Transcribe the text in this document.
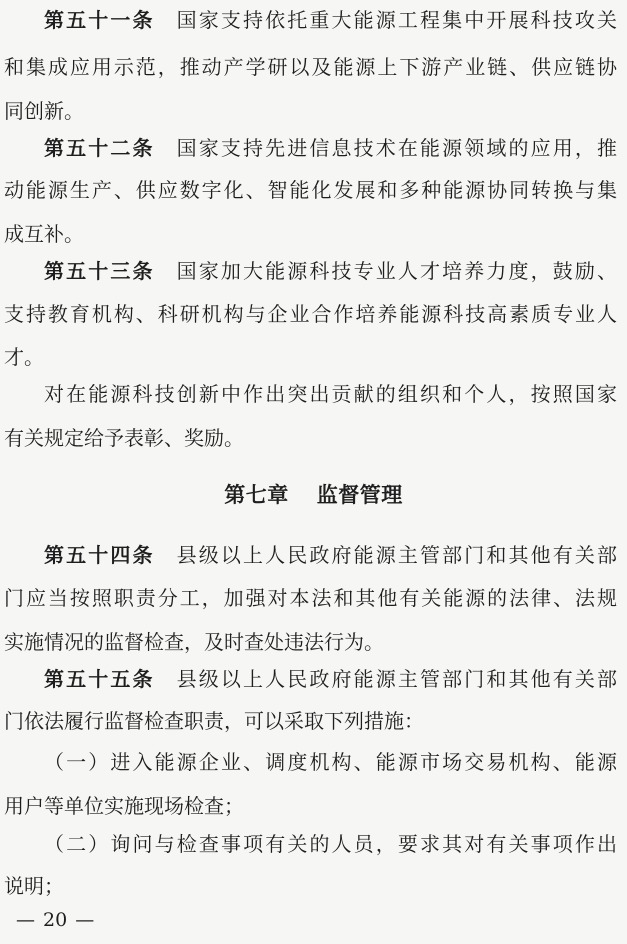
第五十一条 国家支持依托重大能源工程集中开展科技攻关
和集成应用示范，推动产学研以及能源上下游产业链、供应链协
同创新。
第五十二条 国家支持先进信息技术在能源领域的应用，推
动能源生产、供应数字化、智能化发展和多种能源协同转换与集
成互补。
第五十三条 国家加大能源科技专业人才培养力度，鼓励、
支持教育机构、科研机构与企业合作培养能源科技高素质专业人
才。
对在能源科技创新中作出突出贡献的组织和个人，按照国家
有关规定给予表彰、奖励。
第七章 监督管理
第五十四条 县级以上人民政府能源主管部门和其他有关部
门应当按照职责分工，加强对本法和其他有关能源的法律、法规
实施情况的监督检查，及时查处违法行为。
第五十五条 县级以上人民政府能源主管部门和其他有关部
门依法履行监督检查职责，可以采取下列措施：
（一）进入能源企业、调度机构、能源市场交易机构、能源
用户等单位实施现场检查；
（二）询问与检查事项有关的人员，要求其对有关事项作出
说明；
— 20 —
